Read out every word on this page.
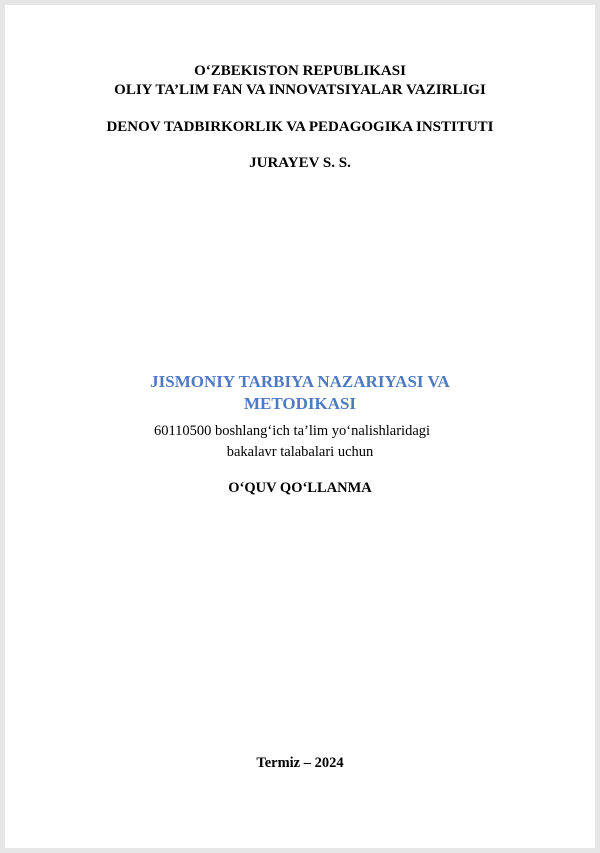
O‘ZBEKISTON REPUBLIKASI
OLIY TA’LIM FAN VA INNOVATSIYALAR VAZIRLIGI
DENOV TADBIRKORLIK VA PEDAGOGIKA INSTITUTI
JURAYEV S. S.
JISMONIY TARBIYA NAZARIYASI VA
METODIKASI
60110500 boshlang‘ich ta’lim yo‘nalishlaridagi
bakalavr talabalari uchun
O‘QUV QO‘LLANMA
Termiz – 2024
